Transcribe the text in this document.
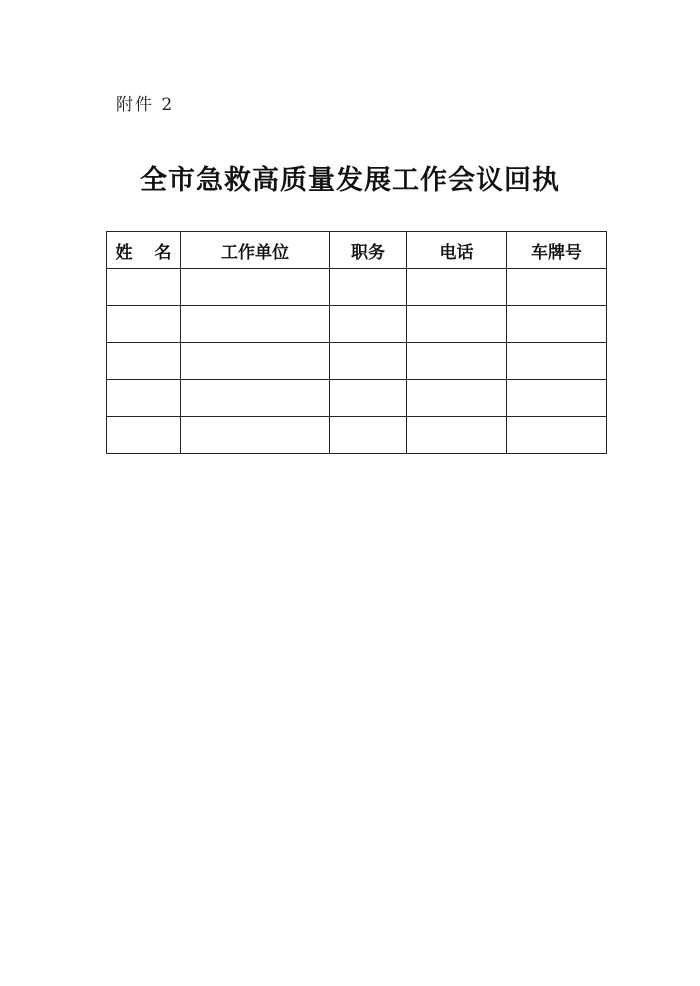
附件 2
全市急救高质量发展工作会议回执
姓 名	工作单位	职务	电话	车牌号
